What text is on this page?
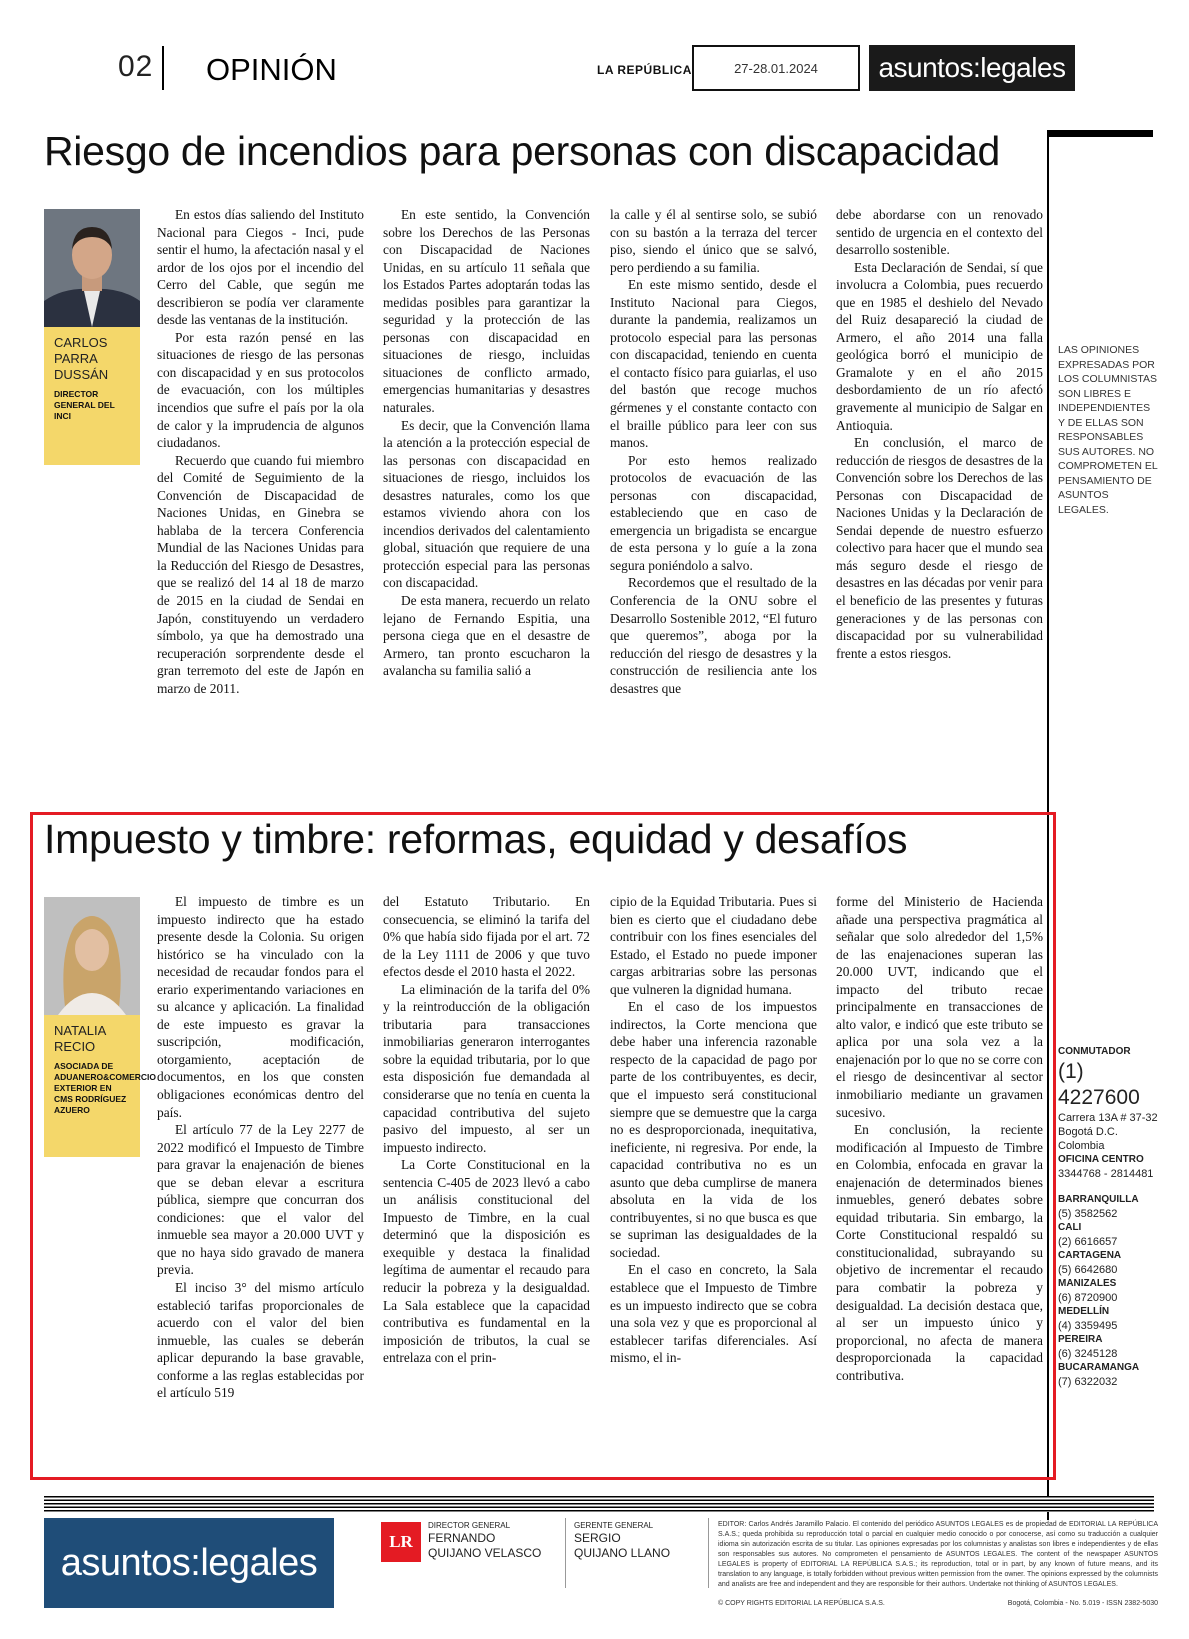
02 OPINIÓN	LA REPÚBLICA	27-28.01.2024	asuntos:legales
Riesgo de incendios para personas con discapacidad
CARLOS PARRA DUSSÁN
DIRECTOR GENERAL DEL INCI

En estos días saliendo del Instituto Nacional para Ciegos - Inci, pude sentir el humo, la afectación nasal y el ardor de los ojos por el incendio del Cerro del Cable, que según me describieron se podía ver claramente desde las ventanas de la institución.

Por esta razón pensé en las situaciones de riesgo de las personas con discapacidad y en sus protocolos de evacuación, con los múltiples incendios que sufre el país por la ola de calor y la imprudencia de algunos ciudadanos.

Recuerdo que cuando fui miembro del Comité de Seguimiento de la Convención de Discapacidad de Naciones Unidas, en Ginebra se hablaba de la tercera Conferencia Mundial de las Naciones Unidas para la Reducción del Riesgo de Desastres, que se realizó del 14 al 18 de marzo de 2015 en la ciudad de Sendai en Japón, constituyendo un verdadero símbolo, ya que ha demostrado una recuperación sorprendente desde el gran terremoto del este de Japón en marzo de 2011.

En este sentido, la Convención sobre los Derechos de las Personas con Discapacidad de Naciones Unidas, en su artículo 11 señala que los Estados Partes adoptarán todas las medidas posibles para garantizar la seguridad y la protección de las personas con discapacidad en situaciones de riesgo, incluidas situaciones de conflicto armado, emergencias humanitarias y desastres naturales.

Es decir, que la Convención llama la atención a la protección especial de las personas con discapacidad en situaciones de riesgo, incluidos los desastres naturales, como los que estamos viviendo ahora con los incendios derivados del calentamiento global, situación que requiere de una protección especial para las personas con discapacidad.

De esta manera, recuerdo un relato lejano de Fernando Espitia, una persona ciega que en el desastre de Armero, tan pronto escucharon la avalancha su familia salió a

la calle y él al sentirse solo, se subió con su bastón a la terraza del tercer piso, siendo el único que se salvó, pero perdiendo a su familia.

En este mismo sentido, desde el Instituto Nacional para Ciegos, durante la pandemia, realizamos un protocolo especial para las personas con discapacidad, teniendo en cuenta el contacto físico para guiarlas, el uso del bastón que recoge muchos gérmenes y el constante contacto con el braille público para leer con sus manos.

Por esto hemos realizado protocolos de evacuación de las personas con discapacidad, estableciendo que en caso de emergencia un brigadista se encargue de esta persona y lo guíe a la zona segura poniéndolo a salvo.

Recordemos que el resultado de la Conferencia de la ONU sobre el Desarrollo Sostenible 2012, “El futuro que queremos”, aboga por la reducción del riesgo de desastres y la construcción de resiliencia ante los desastres que

debe abordarse con un renovado sentido de urgencia en el contexto del desarrollo sostenible.

Esta Declaración de Sendai, sí que involucra a Colombia, pues recuerdo que en 1985 el deshielo del Nevado del Ruiz desapareció la ciudad de Armero, el año 2014 una falla geológica borró el municipio de Gramalote y en el año 2015 desbordamiento de un río afectó gravemente al municipio de Salgar en Antioquia.

En conclusión, el marco de reducción de riesgos de desastres de la Convención sobre los Derechos de las Personas con Discapacidad de Naciones Unidas y la Declaración de Sendai depende de nuestro esfuerzo colectivo para hacer que el mundo sea más seguro desde el riesgo de desastres en las décadas por venir para el beneficio de las presentes y futuras generaciones y de las personas con discapacidad por su vulnerabilidad frente a estos riesgos.

LAS OPINIONES EXPRESADAS POR LOS COLUMNISTAS SON LIBRES E INDEPENDIENTES Y DE ELLAS SON RESPONSABLES SUS AUTORES. NO COMPROMETEN EL PENSAMIENTO DE ASUNTOS LEGALES.
Impuesto y timbre: reformas, equidad y desafíos
NATALIA RECIO
ASOCIADA DE ADUANERO&COMERCIO EXTERIOR EN CMS RODRÍGUEZ AZUERO

El impuesto de timbre es un impuesto indirecto que ha estado presente desde la Colonia. Su origen histórico se ha vinculado con la necesidad de recaudar fondos para el erario experimentando variaciones en su alcance y aplicación. La finalidad de este impuesto es gravar la suscripción, modificación, otorgamiento, aceptación de documentos, en los que consten obligaciones económicas dentro del país.

El artículo 77 de la Ley 2277 de 2022 modificó el Impuesto de Timbre para gravar la enajenación de bienes que se deban elevar a escritura pública, siempre que concurran dos condiciones: que el valor del inmueble sea mayor a 20.000 UVT y que no haya sido gravado de manera previa.

El inciso 3° del mismo artículo estableció tarifas proporcionales de acuerdo con el valor del bien inmueble, las cuales se deberán aplicar depurando la base gravable, conforme a las reglas establecidas por el artículo 519

del Estatuto Tributario. En consecuencia, se eliminó la tarifa del 0% que había sido fijada por el art. 72 de la Ley 1111 de 2006 y que tuvo efectos desde el 2010 hasta el 2022.

La eliminación de la tarifa del 0% y la reintroducción de la obligación tributaria para transacciones inmobiliarias generaron interrogantes sobre la equidad tributaria, por lo que esta disposición fue demandada al considerarse que no tenía en cuenta la capacidad contributiva del sujeto pasivo del impuesto, al ser un impuesto indirecto.

La Corte Constitucional en la sentencia C-405 de 2023 llevó a cabo un análisis constitucional del Impuesto de Timbre, en la cual determinó que la disposición es exequible y destaca la finalidad legítima de aumentar el recaudo para reducir la pobreza y la desigualdad. La Sala establece que la capacidad contributiva es fundamental en la imposición de tributos, la cual se entrelaza con el prin-

cipio de la Equidad Tributaria. Pues si bien es cierto que el ciudadano debe contribuir con los fines esenciales del Estado, el Estado no puede imponer cargas arbitrarias sobre las personas que vulneren la dignidad humana.

En el caso de los impuestos indirectos, la Corte menciona que debe haber una inferencia razonable respecto de la capacidad de pago por parte de los contribuyentes, es decir, que el impuesto será constitucional siempre que se demuestre que la carga no es desproporcionada, inequitativa, ineficiente, ni regresiva. Por ende, la capacidad contributiva no es un asunto que deba cumplirse de manera absoluta en la vida de los contribuyentes, si no que busca es que se supriman las desigualdades de la sociedad.

En el caso en concreto, la Sala establece que el Impuesto de Timbre es un impuesto indirecto que se cobra una sola vez y que es proporcional al establecer tarifas diferenciales. Así mismo, el in-

forme del Ministerio de Hacienda añade una perspectiva pragmática al señalar que solo alrededor del 1,5% de las enajenaciones superan las 20.000 UVT, indicando que el impacto del tributo recae principalmente en transacciones de alto valor, e indicó que este tributo se aplica por una sola vez a la enajenación por lo que no se corre con el riesgo de desincentivar al sector inmobiliario mediante un gravamen sucesivo.

En conclusión, la reciente modificación al Impuesto de Timbre en Colombia, enfocada en gravar la enajenación de determinados bienes inmuebles, generó debates sobre equidad tributaria. Sin embargo, la Corte Constitucional respaldó su constitucionalidad, subrayando su objetivo de incrementar el recaudo para combatir la pobreza y desigualdad. La decisión destaca que, al ser un impuesto único y proporcional, no afecta de manera desproporcionada la capacidad contributiva.

CONMUTADOR
(1) 4227600
Carrera 13A # 37-32
Bogotá D.C.
Colombia
OFICINA CENTRO
3344768 - 2814481
BARRANQUILLA
(5) 3582562
CALI
(2) 6616657
CARTAGENA
(5) 6642680
MANIZALES
(6) 8720900
MEDELLÍN
(4) 3359495
PEREIRA
(6) 3245128
BUCARAMANGA
(7) 6322032
asuntos:legales	LR
DIRECTOR GENERAL
FERNANDO
QUIJANO VELASCO
GERENTE GENERAL
SERGIO
QUIJANO LLANO
EDITOR: Carlos Andrés Jaramillo Palacio. El contenido del periódico ASUNTOS LEGALES es de propiedad de EDITORIAL LA REPÚBLICA S.A.S.; queda prohibida su reproducción total o parcial en cualquier medio conocido o por conocerse, así como su traducción a cualquier idioma sin autorización escrita de su titular. Las opiniones expresadas por los columnistas y analistas son libres e independientes y de ellas son responsables sus autores. No comprometen el pensamiento de ASUNTOS LEGALES. The content of the newspaper ASUNTOS LEGALES is property of EDITORIAL LA REPÚBLICA S.A.S.; its reproduction, total or in part, by any known of future means, and its translation to any language, is totally forbidden without previous written permission from the owner. The opinions expressed by the columnists and analists are free and independent and they are responsible for their authors. Undertake not thinking of ASUNTOS LEGALES.
© COPY RIGHTS EDITORIAL LA REPÚBLICA S.A.S.	Bogotá, Colombia - No. 5.019 - ISSN 2382-5030
